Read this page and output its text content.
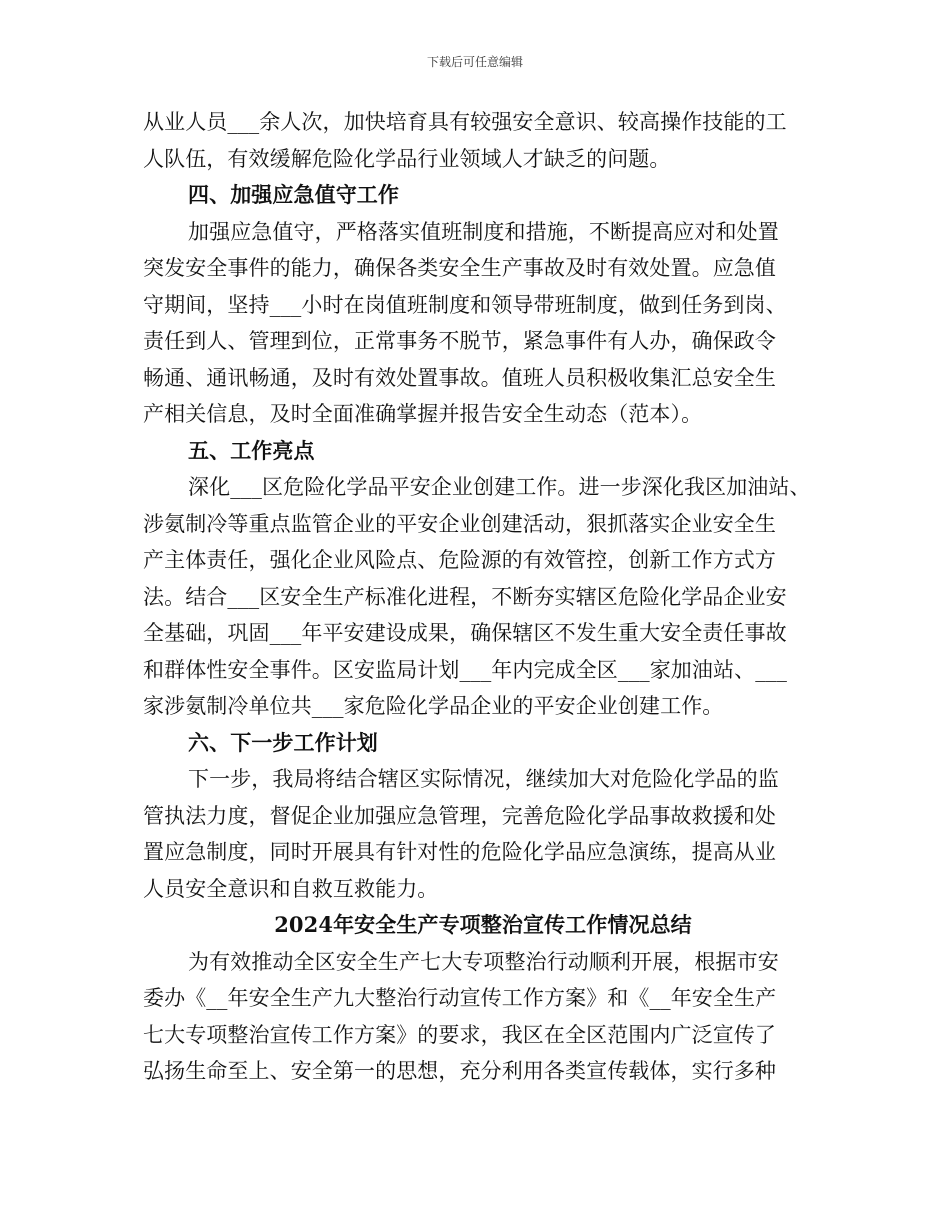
下载后可任意编辑
从业人员___余人次，加快培育具有较强安全意识、较高操作技能的工
人队伍，有效缓解危险化学品行业领域人才缺乏的问题。
四、加强应急值守工作
加强应急值守，严格落实值班制度和措施，不断提高应对和处置
突发安全事件的能力，确保各类安全生产事故及时有效处置。应急值
守期间，坚持___小时在岗值班制度和领导带班制度，做到任务到岗、
责任到人、管理到位，正常事务不脱节，紧急事件有人办，确保政令
畅通、通讯畅通，及时有效处置事故。值班人员积极收集汇总安全生
产相关信息，及时全面准确掌握并报告安全生动态（范本）。
五、工作亮点
深化___区危险化学品平安企业创建工作。进一步深化我区加油站、
涉氨制冷等重点监管企业的平安企业创建活动，狠抓落实企业安全生
产主体责任，强化企业风险点、危险源的有效管控，创新工作方式方
法。结合___区安全生产标准化进程，不断夯实辖区危险化学品企业安
全基础，巩固___年平安建设成果，确保辖区不发生重大安全责任事故
和群体性安全事件。区安监局计划___年内完成全区___家加油站、___
家涉氨制冷单位共___家危险化学品企业的平安企业创建工作。
六、下一步工作计划
下一步，我局将结合辖区实际情况，继续加大对危险化学品的监
管执法力度，督促企业加强应急管理，完善危险化学品事故救援和处
置应急制度，同时开展具有针对性的危险化学品应急演练，提高从业
人员安全意识和自救互救能力。
2024年安全生产专项整治宣传工作情况总结
为有效推动全区安全生产七大专项整治行动顺利开展，根据市安
委办《__年安全生产九大整治行动宣传工作方案》和《__年安全生产
七大专项整治宣传工作方案》的要求，我区在全区范围内广泛宣传了
弘扬生命至上、安全第一的思想，充分利用各类宣传载体，实行多种
